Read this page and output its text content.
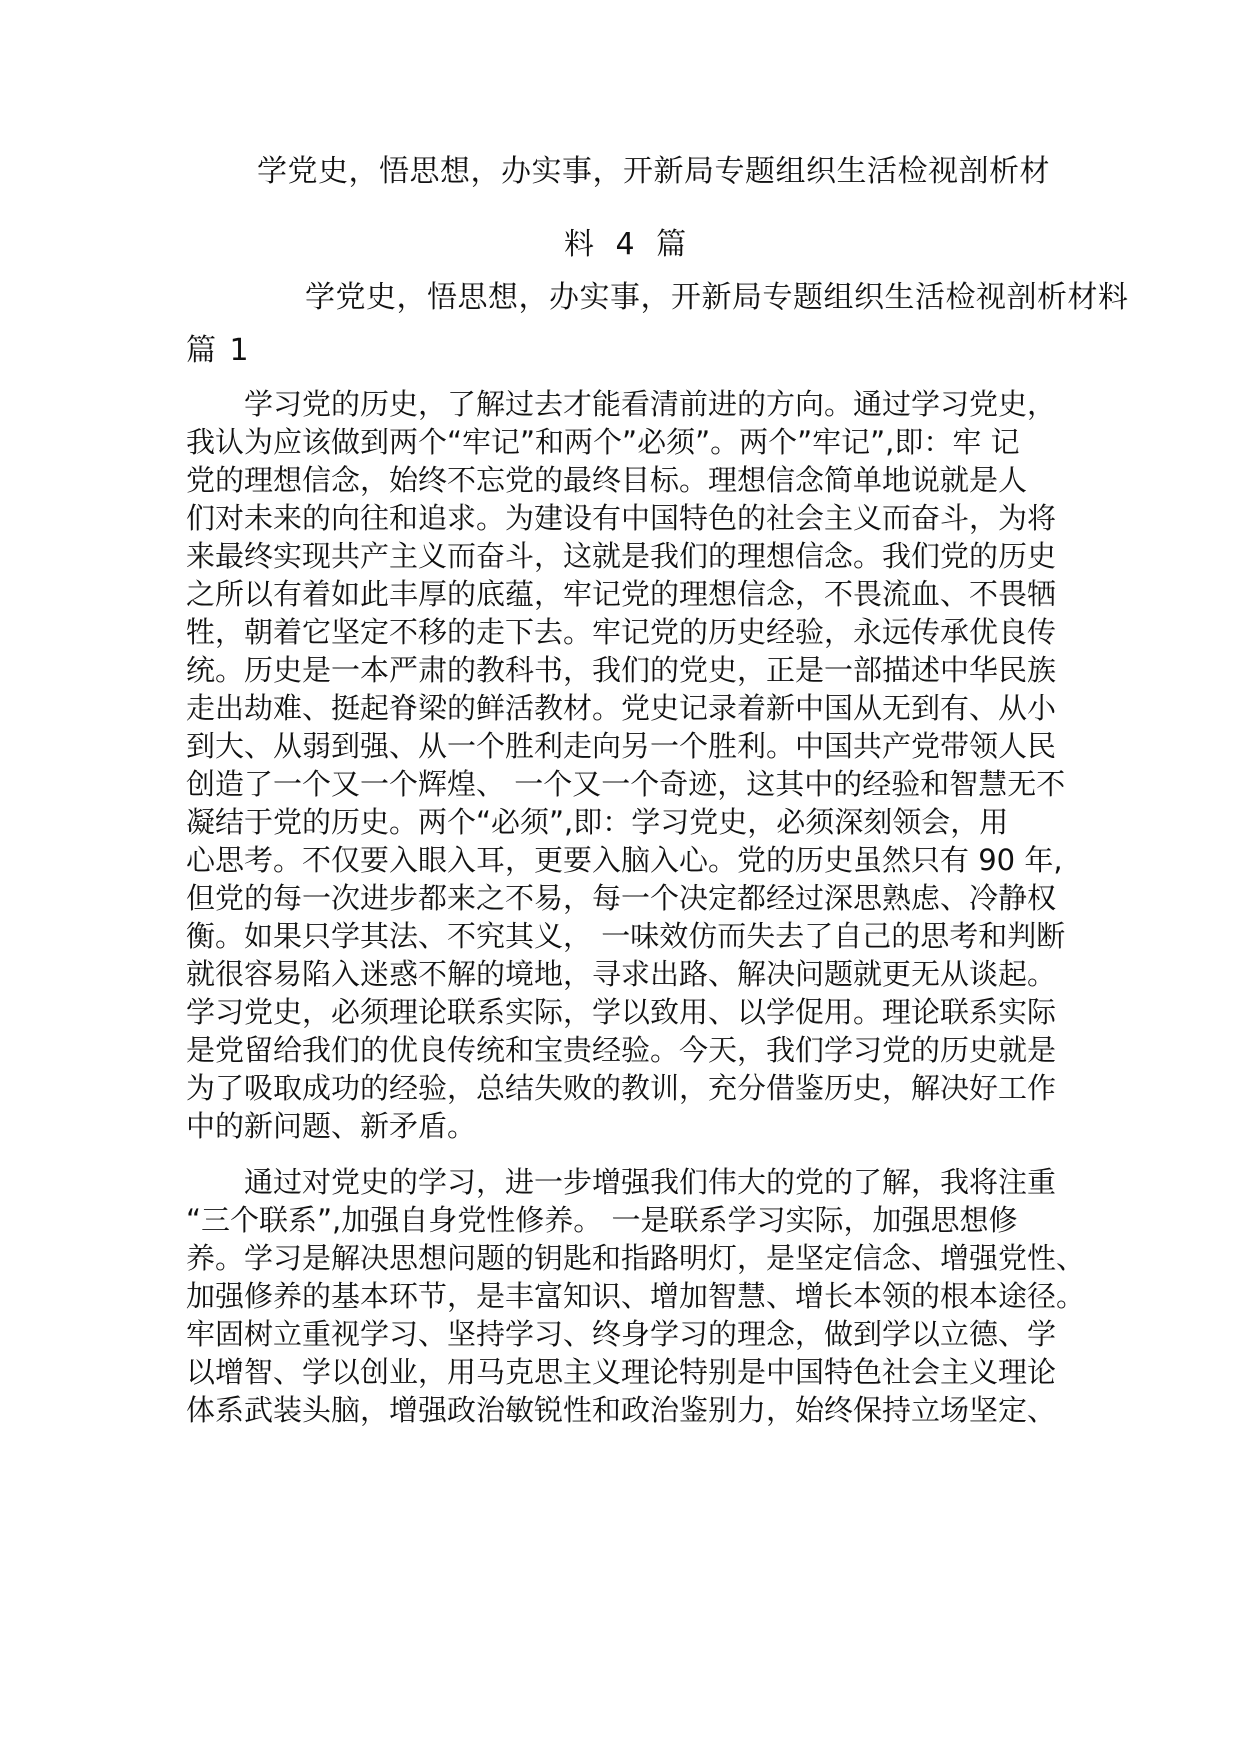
学党史，悟思想，办实事，开新局专题组织生活检视剖析材
料 4 篇
学党史，悟思想，办实事，开新局专题组织生活检视剖析材料
篇 1
　　学习党的历史，了解过去才能看清前进的方向。通过学习党史，
我认为应该做到两个“牢记”和两个”必须”。两个”牢记”,即：牢 记
党的理想信念，始终不忘党的最终目标。理想信念简单地说就是人
们对未来的向往和追求。为建设有中国特色的社会主义而奋斗，为将
来最终实现共产主义而奋斗，这就是我们的理想信念。我们党的历史
之所以有着如此丰厚的底蕴，牢记党的理想信念，不畏流血、不畏牺
牲，朝着它坚定不移的走下去。牢记党的历史经验，永远传承优良传
统。历史是一本严肃的教科书，我们的党史，正是一部描述中华民族
走出劫难、挺起脊梁的鲜活教材。党史记录着新中国从无到有、从小
到大、从弱到强、从一个胜利走向另一个胜利。中国共产党带领人民
创造了一个又一个辉煌、 一个又一个奇迹，这其中的经验和智慧无不
凝结于党的历史。两个“必须”,即：学习党史，必须深刻领会，用
心思考。不仅要入眼入耳，更要入脑入心。党的历史虽然只有 90 年,
但党的每一次进步都来之不易，每一个决定都经过深思熟虑、冷静权
衡。如果只学其法、不究其义， 一味效仿而失去了自己的思考和判断
就很容易陷入迷惑不解的境地，寻求出路、解决问题就更无从谈起。
学习党史，必须理论联系实际，学以致用、以学促用。理论联系实际
是党留给我们的优良传统和宝贵经验。今天，我们学习党的历史就是
为了吸取成功的经验，总结失败的教训，充分借鉴历史，解决好工作
中的新问题、新矛盾。
　　通过对党史的学习，进一步增强我们伟大的党的了解，我将注重
“三个联系”,加强自身党性修养。 一是联系学习实际，加强思想修
养。学习是解决思想问题的钥匙和指路明灯，是坚定信念、增强党性、
加强修养的基本环节，是丰富知识、增加智慧、增长本领的根本途径。
牢固树立重视学习、坚持学习、终身学习的理念，做到学以立德、学
以增智、学以创业，用马克思主义理论特别是中国特色社会主义理论
体系武装头脑，增强政治敏锐性和政治鉴别力，始终保持立场坚定、
